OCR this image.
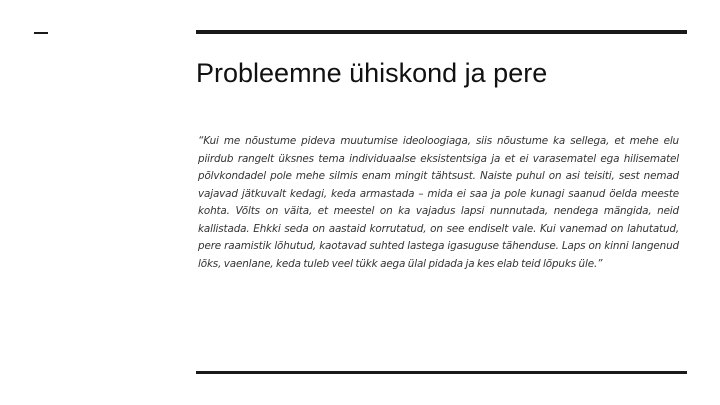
Probleemne ühiskond ja pere

“Kui me nõustume pideva muutumise ideoloogiaga, siis nõustume ka sellega, et mehe elu piirdub rangelt üksnes tema individuaalse eksistentsiga ja et ei varasematel ega hilisematel põlvkondadel pole mehe silmis enam mingit tähtsust. Naiste puhul on asi teisiti, sest nemad vajavad jätkuvalt kedagi, keda armastada – mida ei saa ja pole kunagi saanud öelda meeste kohta. Võlts on väita, et meestel on ka vajadus lapsi nunnutada, nendega mängida, neid kallistada. Ehkki seda on aastaid korrutatud, on see endiselt vale. Kui vanemad on lahutatud, pere raamistik lõhutud, kaotavad suhted lastega igasuguse tähenduse. Laps on kinni langenud lõks, vaenlane, keda tuleb veel tükk aega ülal pidada ja kes elab teid lõpuks üle.”
